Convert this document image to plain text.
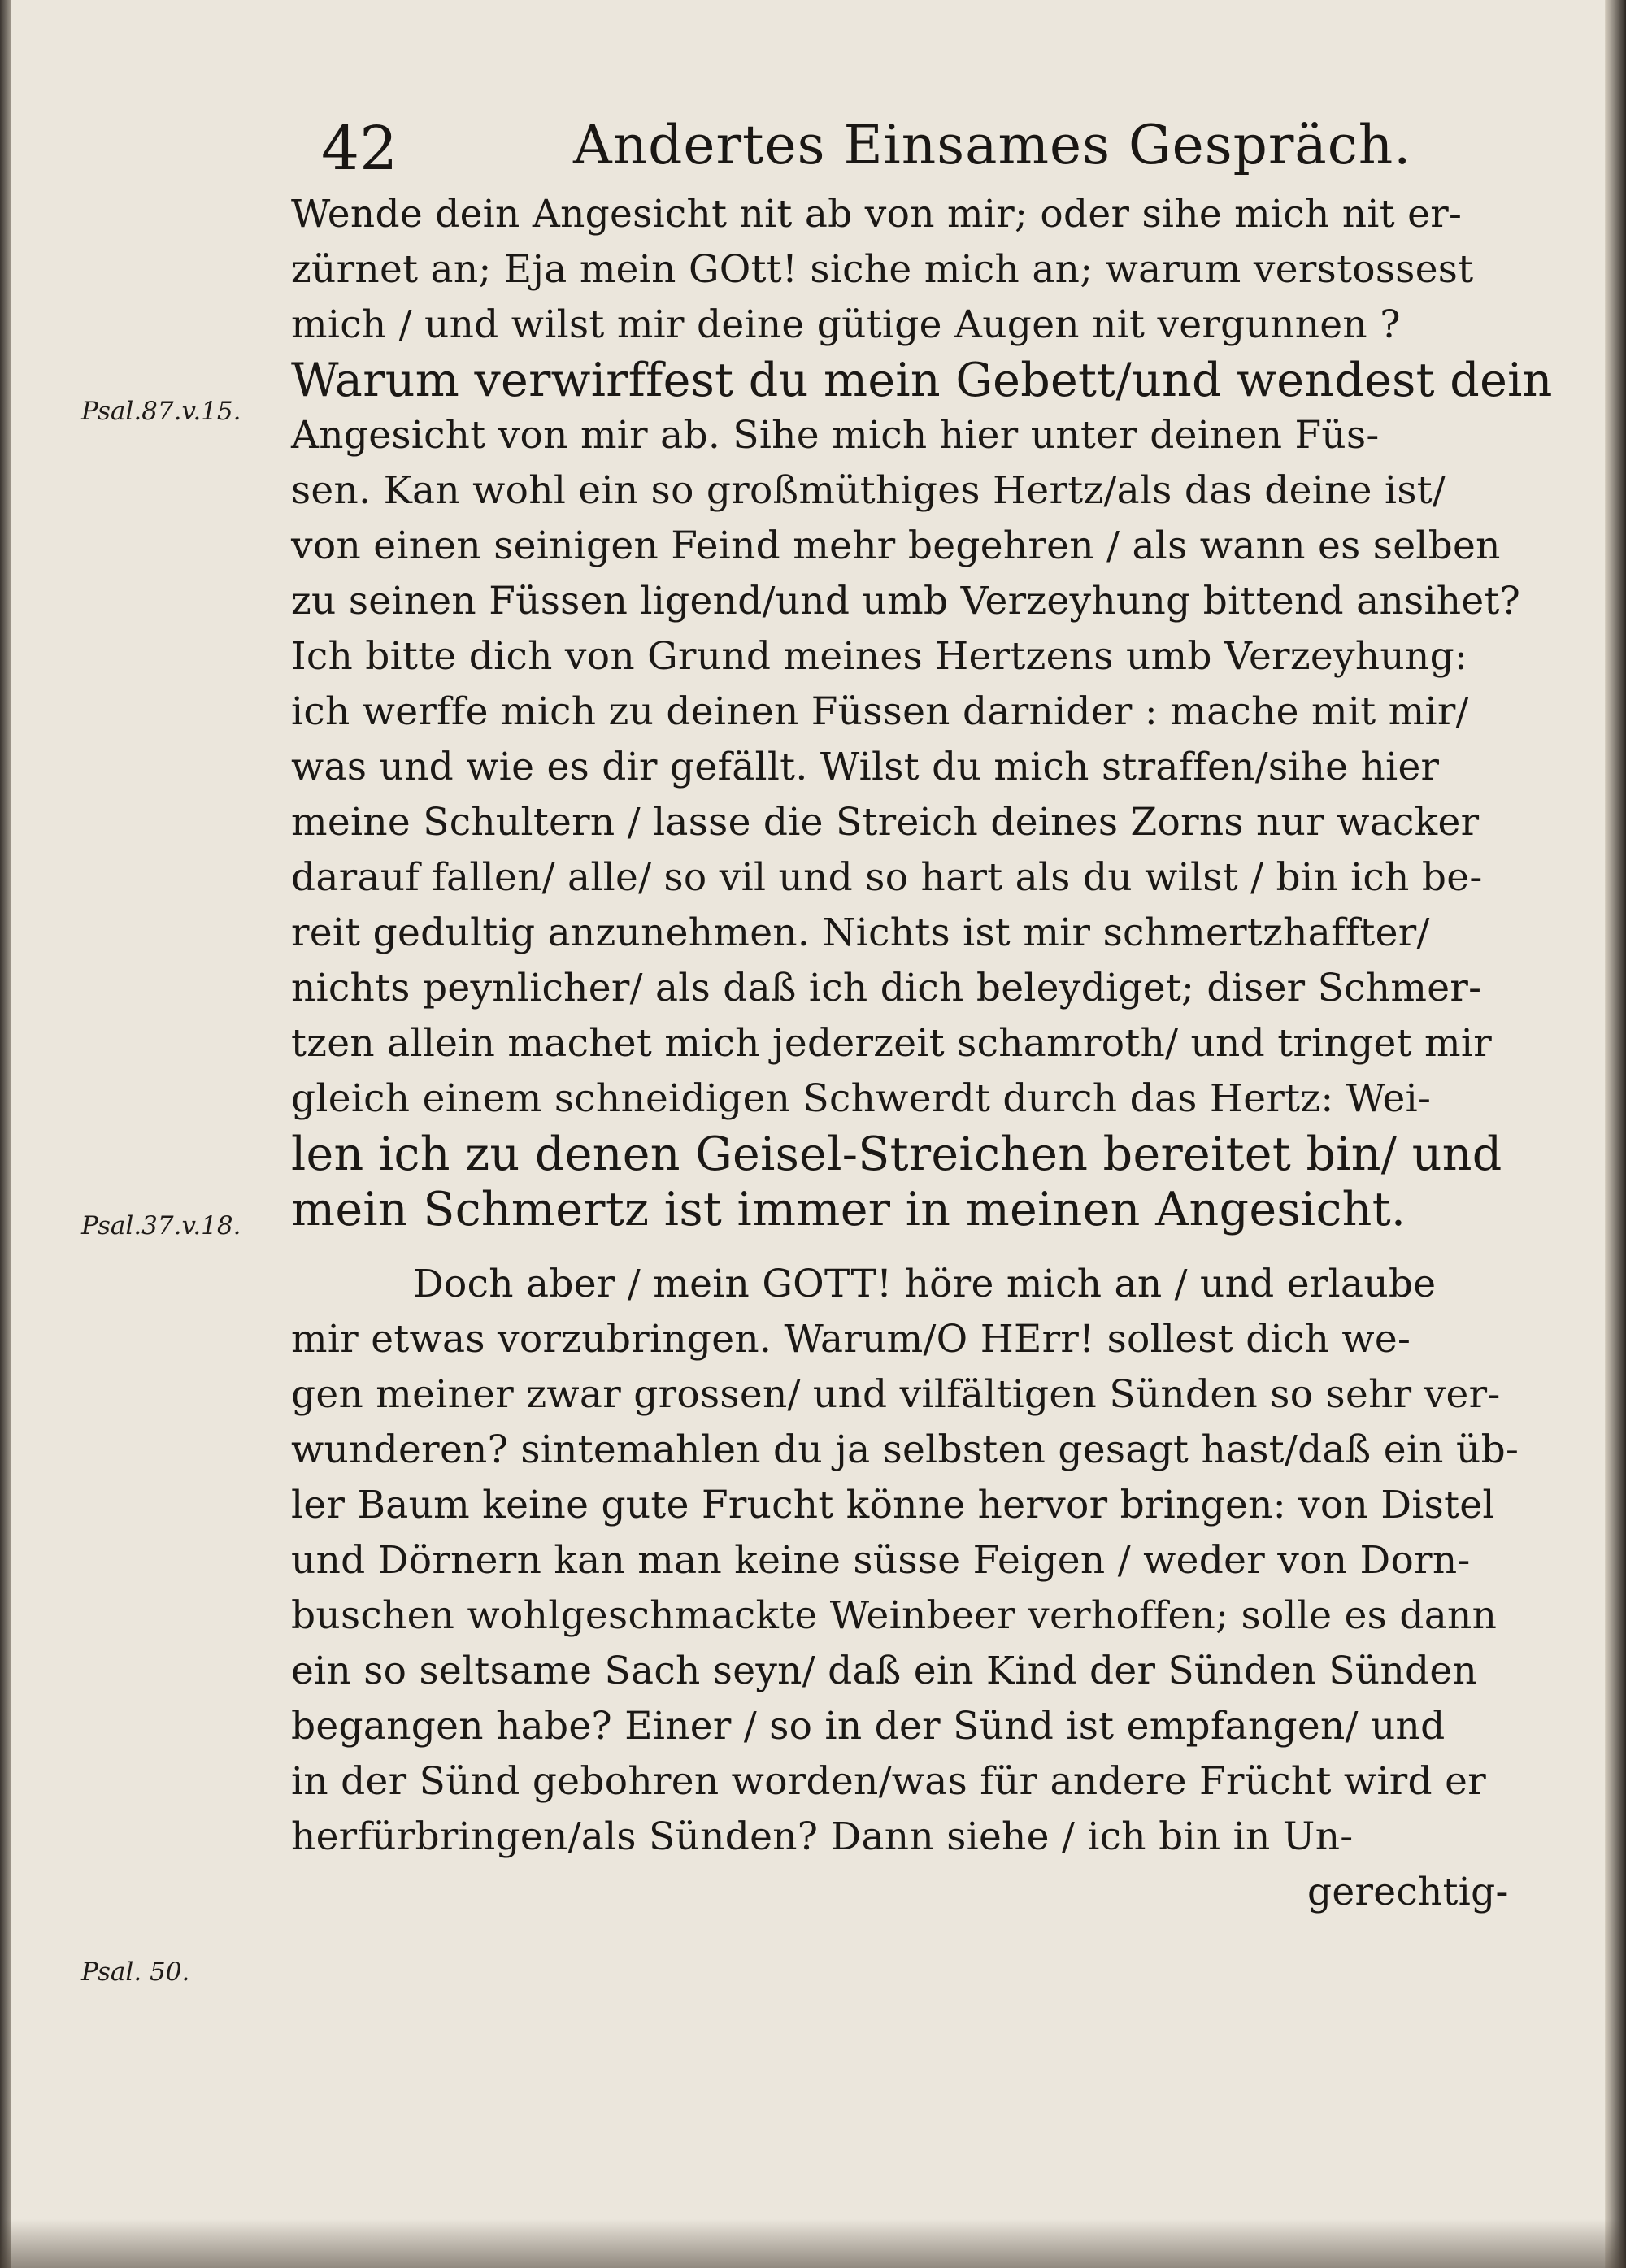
42	Andertes Einsames Gespräch.
Psal.87.v.15.
Psal.37.v.18.
Psal. 50.
Wende dein Angesicht nit ab von mir; oder sihe mich nit er-
zürnet an; Eja mein GOtt! siche mich an; warum verstossest
mich / und wilst mir deine gütige Augen nit vergunnen ?
Warum verwirffest du mein Gebett/und wendest dein
Angesicht von mir ab. Sihe mich hier unter deinen Füs-
sen. Kan wohl ein so großmüthiges Hertz/als das deine ist/
von einen seinigen Feind mehr begehren / als wann es selben
zu seinen Füssen ligend/und umb Verzeyhung bittend ansihet?
Ich bitte dich von Grund meines Hertzens umb Verzeyhung:
ich werffe mich zu deinen Füssen darnider : mache mit mir/
was und wie es dir gefällt. Wilst du mich straffen/sihe hier
meine Schultern / lasse die Streich deines Zorns nur wacker
darauf fallen/ alle/ so vil und so hart als du wilst / bin ich be-
reit gedultig anzunehmen. Nichts ist mir schmertzhaffter/
nichts peynlicher/ als daß ich dich beleydiget; diser Schmer-
tzen allein machet mich jederzeit schamroth/ und tringet mir
gleich einem schneidigen Schwerdt durch das Hertz: Wei-
len ich zu denen Geisel-Streichen bereitet bin/ und
mein Schmertz ist immer in meinen Angesicht.
Doch aber / mein GOTT! höre mich an / und erlaube
mir etwas vorzubringen. Warum/O HErr! sollest dich we-
gen meiner zwar grossen/ und vilfältigen Sünden so sehr ver-
wunderen? sintemahlen du ja selbsten gesagt hast/daß ein üb-
ler Baum keine gute Frucht könne hervor bringen: von Distel
und Dörnern kan man keine süsse Feigen / weder von Dorn-
buschen wohlgeschmackte Weinbeer verhoffen; solle es dann
ein so seltsame Sach seyn/ daß ein Kind der Sünden Sünden
begangen habe? Einer / so in der Sünd ist empfangen/ und
in der Sünd gebohren worden/was für andere Frücht wird er
herfürbringen/als Sünden? Dann siehe / ich bin in Un-
gerechtig-
